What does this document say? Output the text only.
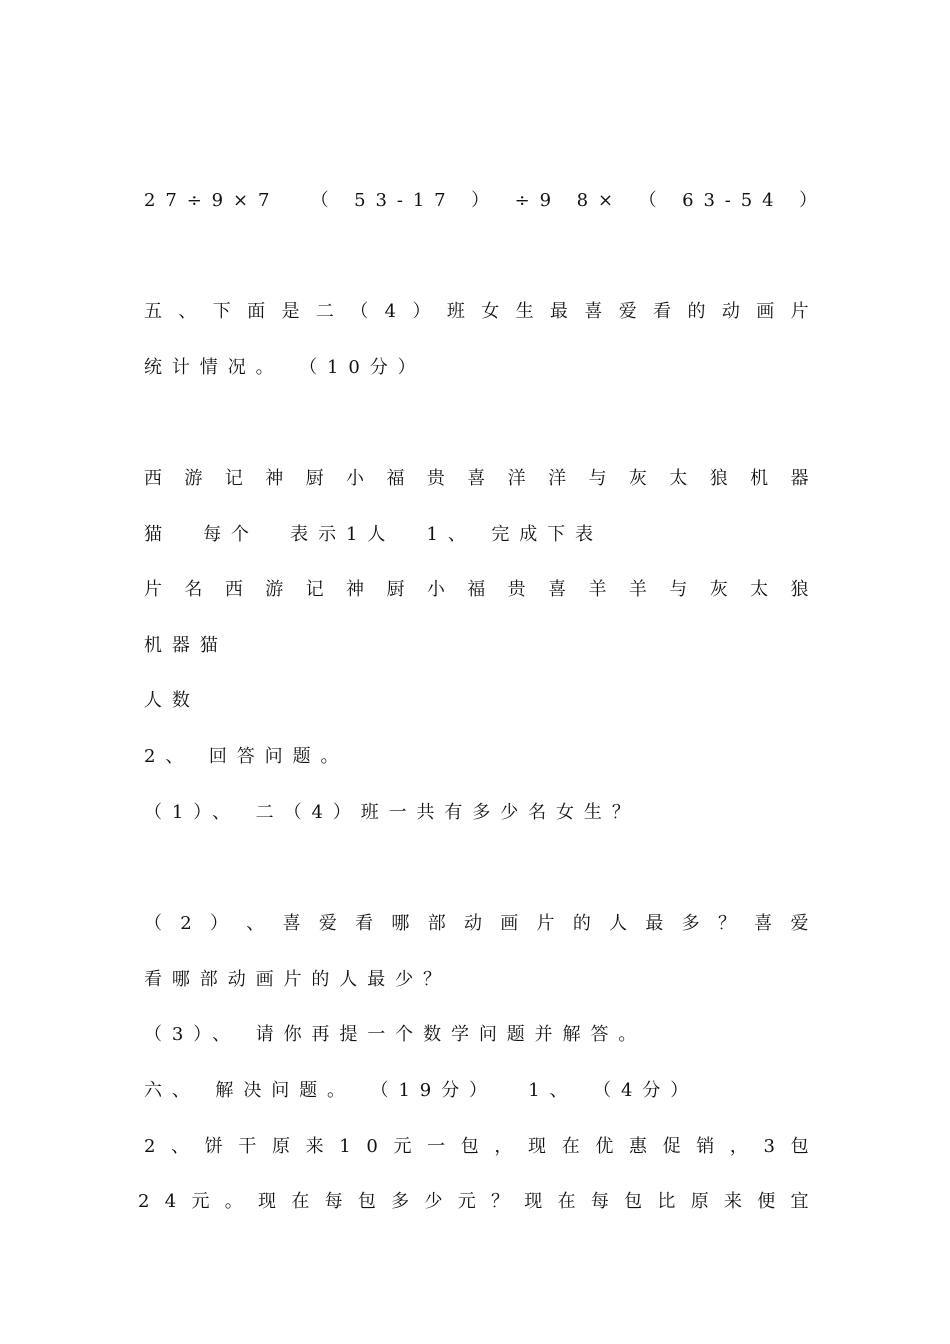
27÷9×7  （ 53-17 ） ÷9 8× （ 63-54 ）
五 、 下 面 是 二 （ 4 ） 班 女 生 最 喜 爱 看 的 动 画 片
统计情况。 （10分）
西 游 记 神 厨 小 福 贵 喜 洋 洋 与 灰 太 狼 机 器
猫  每个  表示1人  1、 完成下表
片 名 西 游 记 神 厨 小 福 贵 喜 羊 羊 与 灰 太 狼
机器猫
人数
2、 回答问题。
（1）、 二（4）班一共有多少名女生？
（ 2 ） 、 喜 爱 看 哪 部 动 画 片 的 人 最 多 ？ 喜 爱
看哪部动画片的人最少？
（3）、 请你再提一个数学问题并解答。
六、 解决问题。 （19分）  1、 （4分）
2 、 饼 干 原 来 1 0 元 一 包 ， 现 在 优 惠 促 销 ， 3 包
2 4 元 。 现 在 每 包 多 少 元 ？ 现 在 每 包 比 原 来 便 宜
